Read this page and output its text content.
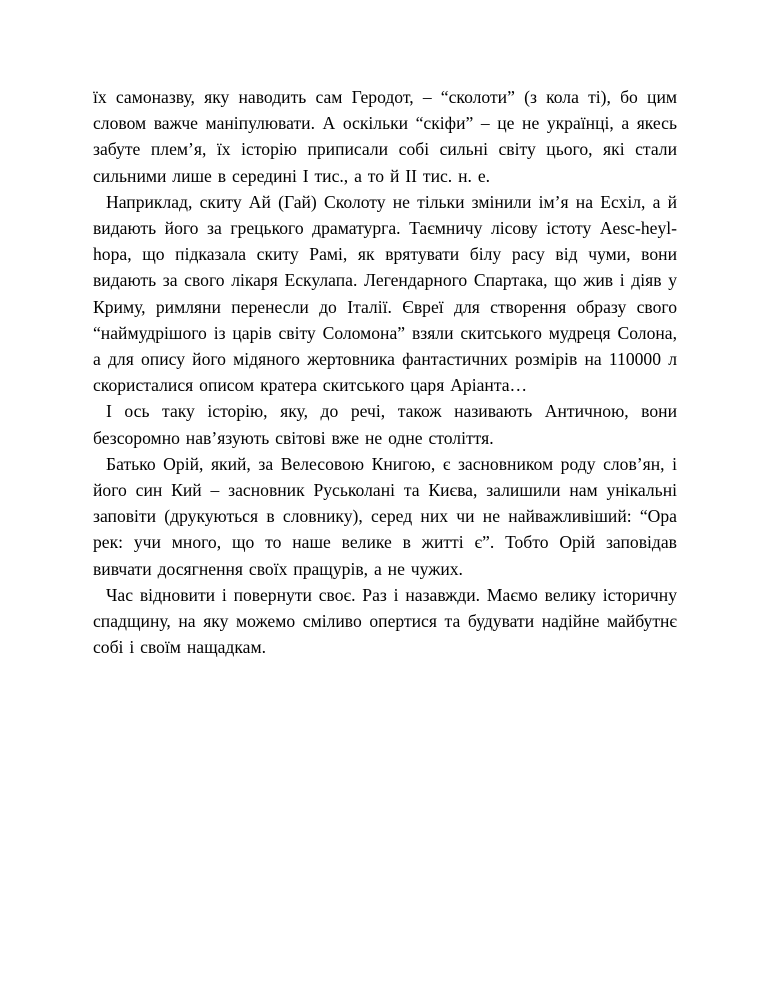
їх самоназву, яку наводить сам Геродот, – “сколоти” (з кола ті), бо цим словом важче маніпулювати. А оскільки “скіфи” – це не українці, а якесь забуте плем’я, їх історію приписали собі сильні світу цього, які стали сильними лише в середині I тис., а то й II тис. н. е.

Наприклад, скиту Ай (Гай) Сколоту не тільки змінили ім’я на Есхіл, а й видають його за грецького драматурга. Таємничу лісову істоту Aesc-heyl-hopa, що підказала скиту Рамі, як врятувати білу расу від чуми, вони видають за свого лікаря Ескулапа. Легендарного Спартака, що жив і діяв у Криму, римляни перенесли до Італії. Євреї для створення образу свого “наймудрішого із царів світу Соломона” взяли скитського мудреця Солона, а для опису його мідяного жертовника фантастичних розмірів на 110000 л скористалися описом кратера скитського царя Аріанта…

І ось таку історію, яку, до речі, також називають Античною, вони безсоромно нав’язують світові вже не одне століття.

Батько Орій, який, за Велесовою Книгою, є засновником роду слов’ян, і його син Кий – засновник Руськолані та Києва, залишили нам унікальні заповіти (друкуються в словнику), серед них чи не найважливіший: “Ора рек: учи много, що то наше велике в житті є”. Тобто Орій заповідав вивчати досягнення своїх пращурів, а не чужих.

Час відновити і повернути своє. Раз і назавжди. Маємо велику історичну спадщину, на яку можемо сміливо опертися та будувати надійне майбутнє собі і своїм нащадкам.
